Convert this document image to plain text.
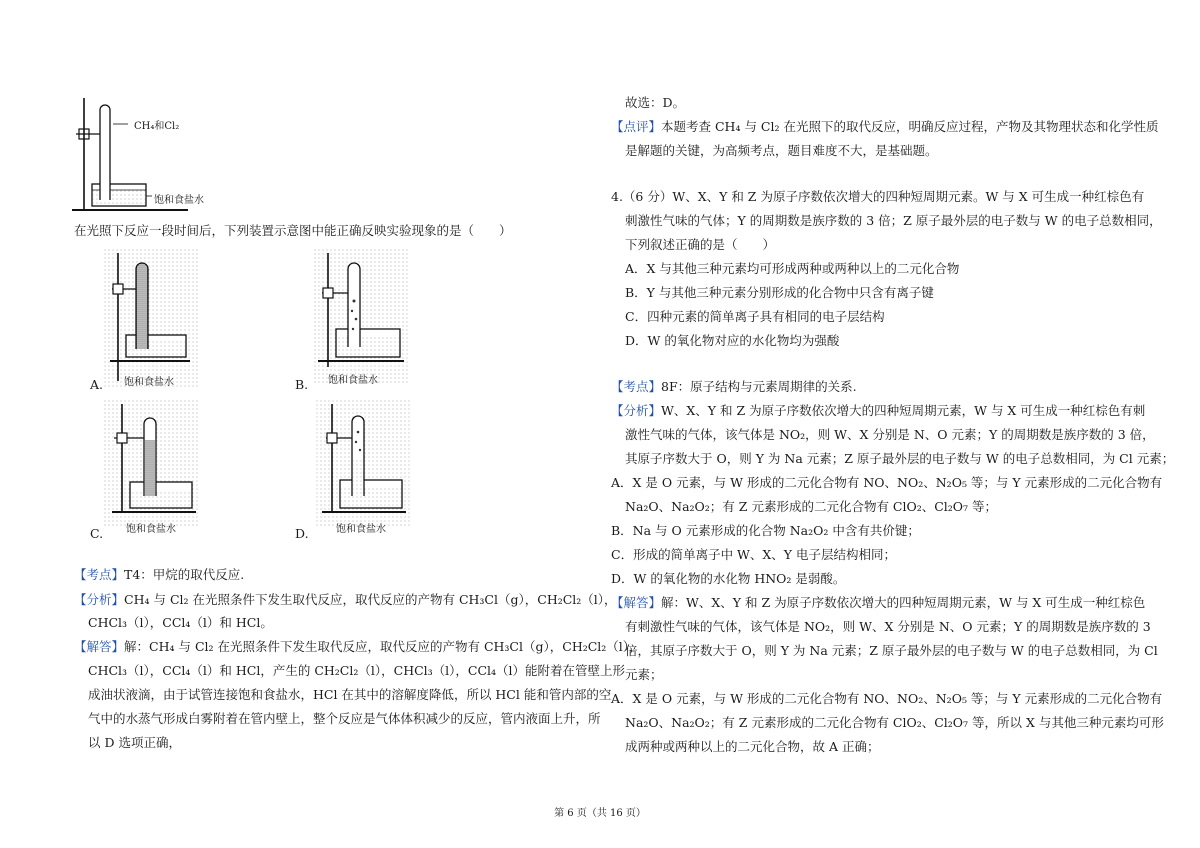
CH₄和Cl₂
饱和食盐水
在光照下反应一段时间后，下列装置示意图中能正确反映实验现象的是（　　）
A. 饱和食盐水	B. 饱和食盐水
C. 饱和食盐水	D.	饱和食盐水
【考点】T4：甲烷的取代反应.
【分析】CH₄ 与 Cl₂ 在光照条件下发生取代反应，取代反应的产物有 CH₃Cl（g），CH₂Cl₂（l），
CHCl₃（l），CCl₄（l）和 HCl。
【解答】解：CH₄ 与 Cl₂ 在光照条件下发生取代反应，取代反应的产物有 CH₃Cl（g），CH₂Cl₂（l），
CHCl₃（l），CCl₄（l）和 HCl，产生的 CH₂Cl₂（l），CHCl₃（l），CCl₄（l）能附着在管壁上形
成油状液滴，由于试管连接饱和食盐水，HCl 在其中的溶解度降低，所以 HCl 能和管内部的空
气中的水蒸气形成白雾附着在管内壁上，整个反应是气体体积减少的反应，管内液面上升，所
以 D 选项正确，
故选：D。
【点评】本题考查 CH₄ 与 Cl₂ 在光照下的取代反应，明确反应过程，产物及其物理状态和化学性质
是解题的关键，为高频考点，题目难度不大，是基础题。
4.（6 分）W、X、Y 和 Z 为原子序数依次增大的四种短周期元素。W 与 X 可生成一种红棕色有
刺激性气味的气体；Y 的周期数是族序数的 3 倍；Z 原子最外层的电子数与 W 的电子总数相同，
下列叙述正确的是（　　）
A．X 与其他三种元素均可形成两种或两种以上的二元化合物
B．Y 与其他三种元素分别形成的化合物中只含有离子键
C．四种元素的简单离子具有相同的电子层结构
D．W 的氧化物对应的水化物均为强酸
【考点】8F：原子结构与元素周期律的关系.
【分析】W、X、Y 和 Z 为原子序数依次增大的四种短周期元素，W 与 X 可生成一种红棕色有刺
激性气味的气体，该气体是 NO₂，则 W、X 分别是 N、O 元素；Y 的周期数是族序数的 3 倍，
其原子序数大于 O，则 Y 为 Na 元素；Z 原子最外层的电子数与 W 的电子总数相同，为 Cl 元素；
A．X 是 O 元素，与 W 形成的二元化合物有 NO、NO₂、N₂O₅ 等；与 Y 元素形成的二元化合物有
Na₂O、Na₂O₂；有 Z 元素形成的二元化合物有 ClO₂、Cl₂O₇ 等；
B．Na 与 O 元素形成的化合物 Na₂O₂ 中含有共价键；
C．形成的简单离子中 W、X、Y 电子层结构相同；
D．W 的氧化物的水化物 HNO₂ 是弱酸。
【解答】解：W、X、Y 和 Z 为原子序数依次增大的四种短周期元素，W 与 X 可生成一种红棕色
有刺激性气味的气体，该气体是 NO₂，则 W、X 分别是 N、O 元素；Y 的周期数是族序数的 3
倍，其原子序数大于 O，则 Y 为 Na 元素；Z 原子最外层的电子数与 W 的电子总数相同，为 Cl
元素；
A．X 是 O 元素，与 W 形成的二元化合物有 NO、NO₂、N₂O₅ 等；与 Y 元素形成的二元化合物有
Na₂O、Na₂O₂；有 Z 元素形成的二元化合物有 ClO₂、Cl₂O₇ 等，所以 X 与其他三种元素均可形
成两种或两种以上的二元化合物，故 A 正确；
第 6 页（共 16 页）
